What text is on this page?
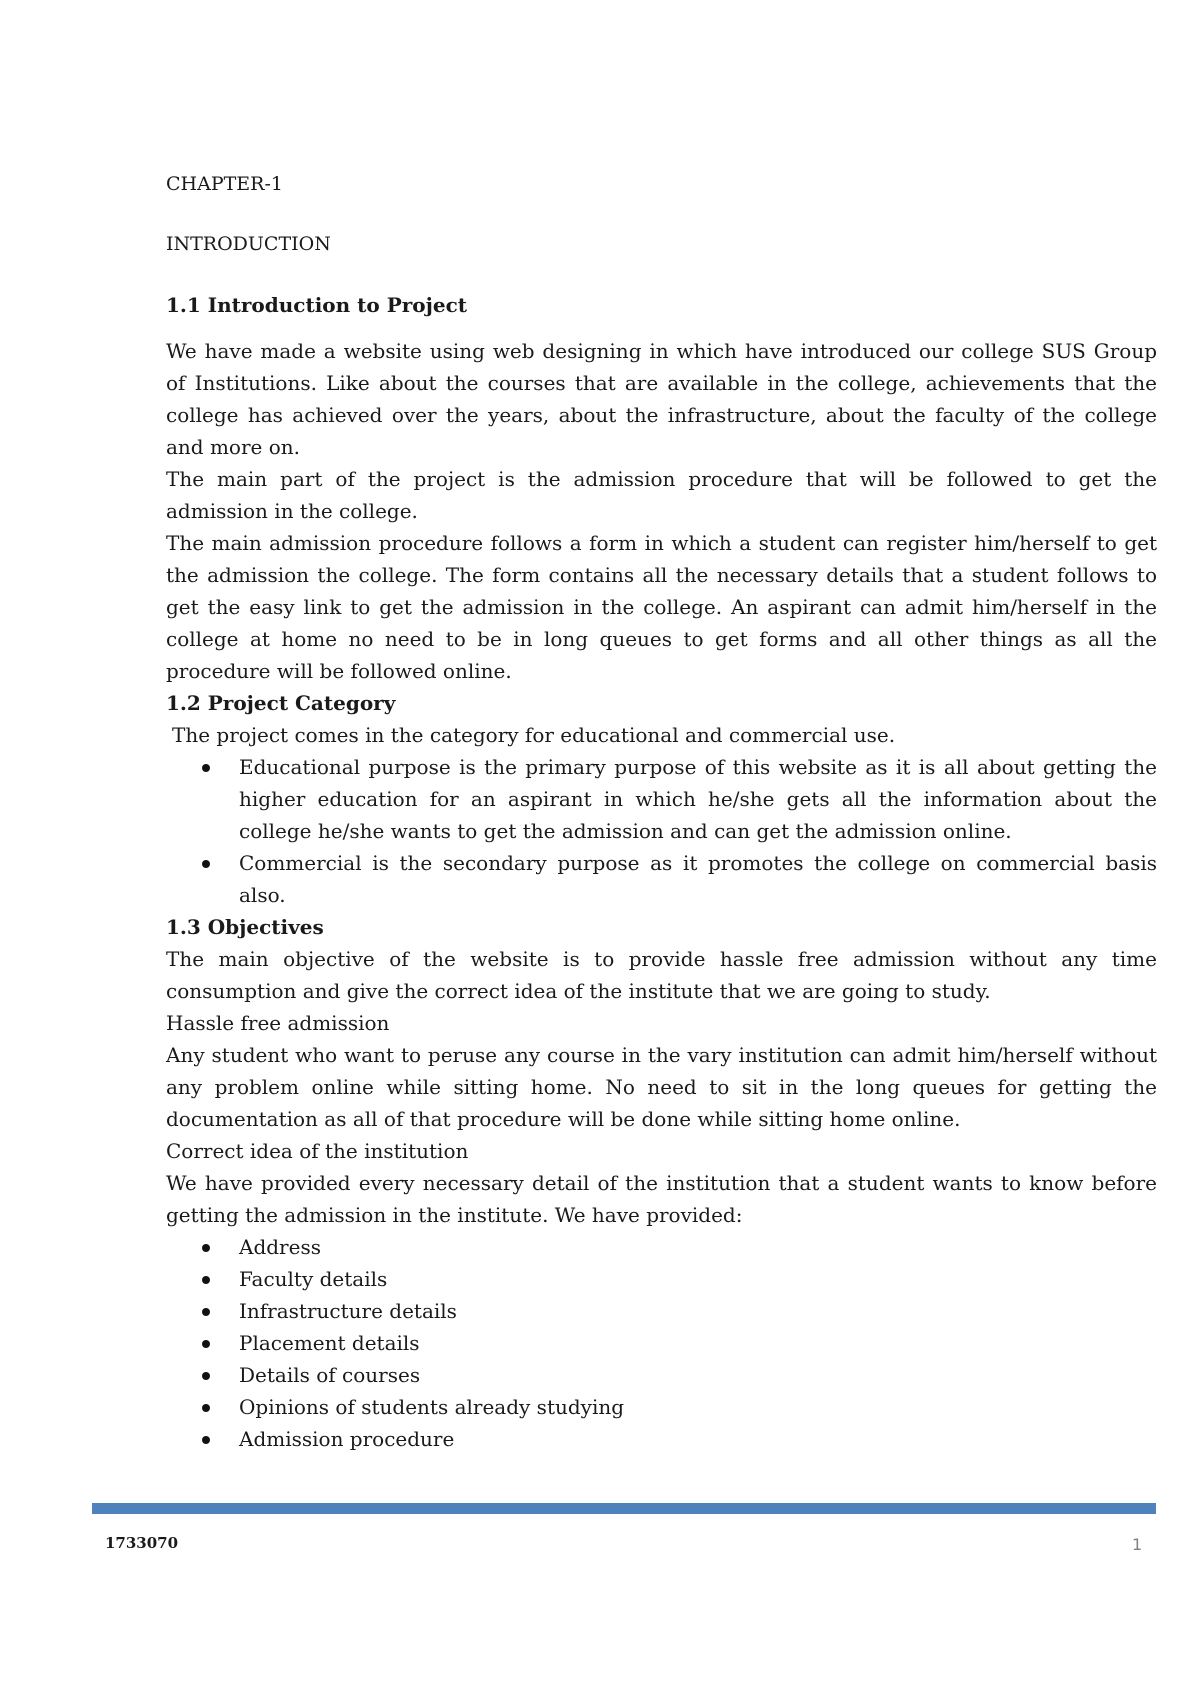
CHAPTER-1
INTRODUCTION
1.1 Introduction to Project

We have made a website using web designing in which have introduced our college SUS Group of Institutions. Like about the courses that are available in the college, achievements that the college has achieved over the years, about the infrastructure, about the faculty of the college and more on.

The main part of the project is the admission procedure that will be followed to get the admission in the college.

The main admission procedure follows a form in which a student can register him/herself to get the admission the college. The form contains all the necessary details that a student follows to get the easy link to get the admission in the college. An aspirant can admit him/herself in the college at home no need to be in long queues to get forms and all other things as all the procedure will be followed online.

1.2 Project Category

The project comes in the category for educational and commercial use.

Educational purpose is the primary purpose of this website as it is all about getting the higher education for an aspirant in which he/she gets all the information about the college he/she wants to get the admission and can get the admission online.
Commercial is the secondary purpose as it promotes the college on commercial basis also.
1.3 Objectives

The main objective of the website is to provide hassle free admission without any time consumption and give the correct idea of the institute that we are going to study.

Hassle free admission

Any student who want to peruse any course in the vary institution can admit him/herself without any problem online while sitting home. No need to sit in the long queues for getting the documentation as all of that procedure will be done while sitting home online.

Correct idea of the institution

We have provided every necessary detail of the institution that a student wants to know before getting the admission in the institute. We have provided:

Address
Faculty details
Infrastructure details
Placement details
Details of courses
Opinions of students already studying
Admission procedure
1733070	1
